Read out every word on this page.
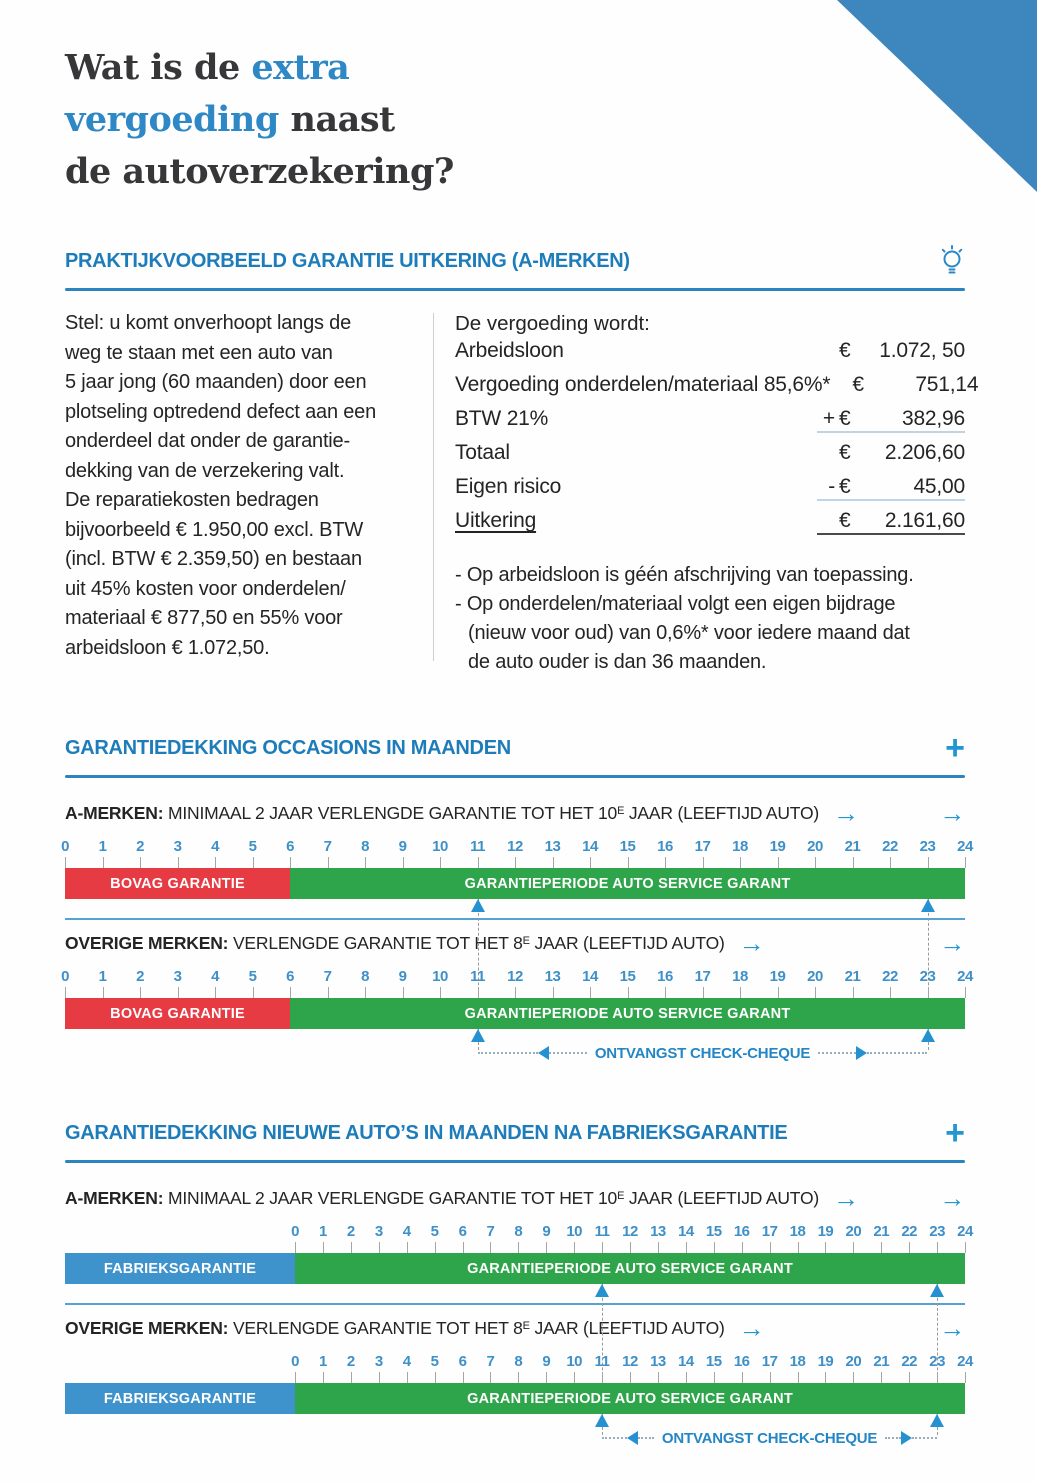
Wat is de extra
vergoeding naast
de autoverzekering?
PRAKTIJKVOORBEELD GARANTIE UITKERING (A-MERKEN)
Stel: u komt onverhoopt langs de
weg te staan met een auto van
5 jaar jong (60 maanden) door een
plotseling optredend defect aan een
onderdeel dat onder de garantie-
dekking van de verzekering valt.
De reparatiekosten bedragen
bijvoorbeeld € 1.950,00 excl. BTW
(incl. BTW € 2.359,50) en bestaan
uit 45% kosten voor onderdelen/
materiaal € 877,50 en 55% voor
arbeidsloon € 1.072,50.
De vergoeding wordt:
Arbeidsloon	€	1.072, 50
Vergoeding onderdelen/materiaal 85,6%* €	751,14
BTW 21%	+ €	382,96
Totaal	€	2.206,60
Eigen risico	- €	45,00
Uitkering	€	2.161,60
- Op arbeidsloon is géén afschrijving van toepassing.
- Op onderdelen/materiaal volgt een eigen bijdrage
(nieuw voor oud) van 0,6%* voor iedere maand dat
de auto ouder is dan 36 maanden.
GARANTIEDEKKING OCCASIONS IN MAANDEN	+
A-MERKEN: MINIMAAL 2 JAAR VERLENGDE GARANTIE TOT HET $10^E$ JAAR (LEEFTIJD AUTO) →	→
0 1 2 3 4 5 6 7 8 9 10 11 12 13 14 15 16 17 18 19 20 21 22 23 24
BOVAG GARANTIE	GARANTIEPERIODE AUTO SERVICE GARANT
OVERIGE MERKEN: VERLENGDE GARANTIE TOT HET $8^E$ JAAR (LEEFTIJD AUTO) →	→
0 1 2 3 4 5 6 7 8 9 10 11 12 13 14 15 16 17 18 19 20 21 22 23 24
BOVAG GARANTIE	GARANTIEPERIODE AUTO SERVICE GARANT
ONTVANGST CHECK-CHEQUE
GARANTIEDEKKING NIEUWE AUTO’S IN MAANDEN NA FABRIEKSGARANTIE	+
A-MERKEN: MINIMAAL 2 JAAR VERLENGDE GARANTIE TOT HET $10^E$ JAAR (LEEFTIJD AUTO) →	→
0 1 2 3 4 5 6 7 8 9 10 11 12 13 14 15 16 17 18 19 20 21 22 23 24
FABRIEKSGARANTIE	GARANTIEPERIODE AUTO SERVICE GARANT
OVERIGE MERKEN: VERLENGDE GARANTIE TOT HET $8^E$ JAAR (LEEFTIJD AUTO) →	→
0 1 2 3 4 5 6 7 8 9 10 11 12 13 14 15 16 17 18 19 20 21 22 23 24
FABRIEKSGARANTIE	GARANTIEPERIODE AUTO SERVICE GARANT
ONTVANGST CHECK-CHEQUE
